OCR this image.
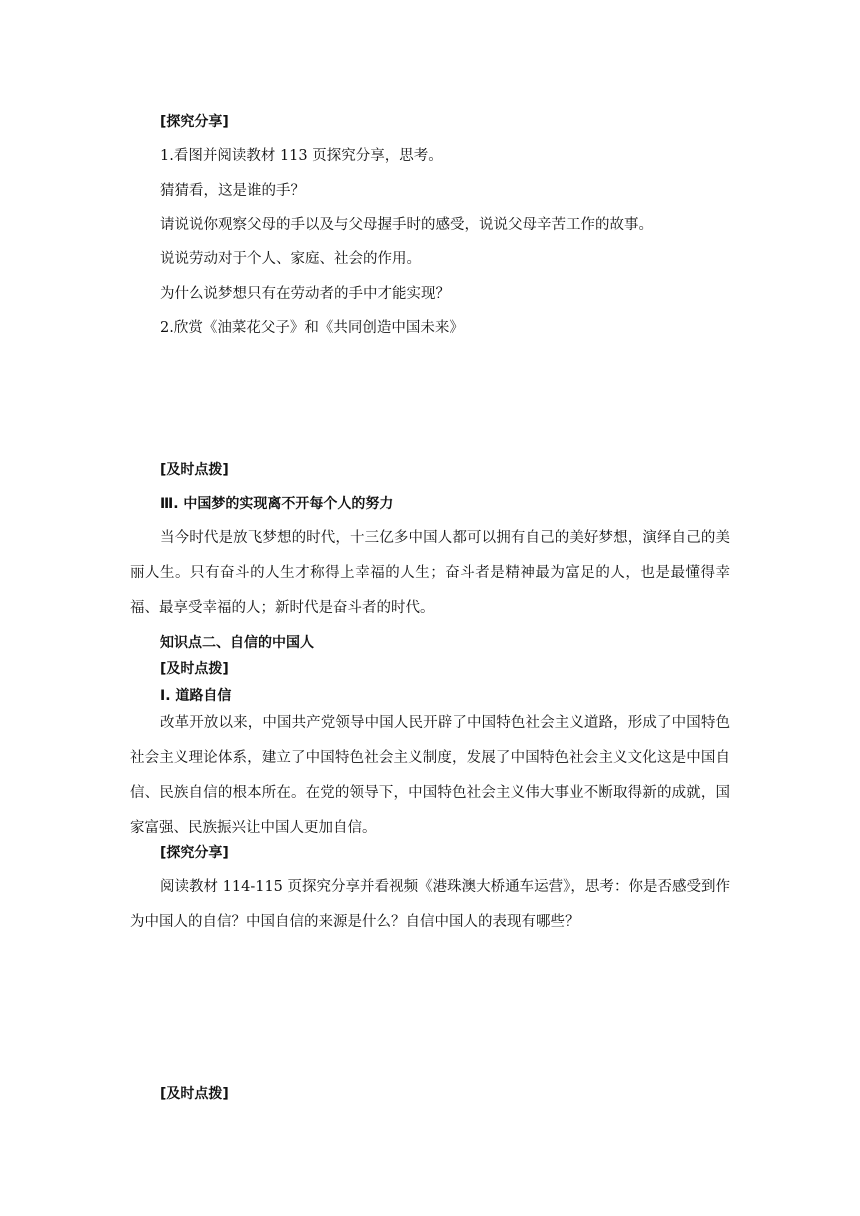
[探究分享]
1.看图并阅读教材 113 页探究分享，思考。
猜猜看，这是谁的手？
请说说你观察父母的手以及与父母握手时的感受，说说父母辛苦工作的故事。
说说劳动对于个人、家庭、社会的作用。
为什么说梦想只有在劳动者的手中才能实现？
2.欣赏《油菜花父子》和《共同创造中国未来》
[及时点拨]
Ⅲ. 中国梦的实现离不开每个人的努力
当今时代是放飞梦想的时代，十三亿多中国人都可以拥有自己的美好梦想，演绎自己的美丽人生。只有奋斗的人生才称得上幸福的人生；奋斗者是精神最为富足的人，也是最懂得幸福、最享受幸福的人；新时代是奋斗者的时代。
知识点二、自信的中国人
[及时点拨]
Ⅰ. 道路自信
改革开放以来，中国共产党领导中国人民开辟了中国特色社会主义道路，形成了中国特色社会主义理论体系，建立了中国特色社会主义制度，发展了中国特色社会主义文化这是中国自信、民族自信的根本所在。在党的领导下，中国特色社会主义伟大事业不断取得新的成就，国家富强、民族振兴让中国人更加自信。
[探究分享]
阅读教材 114-115 页探究分享并看视频《港珠澳大桥通车运营》，思考：你是否感受到作为中国人的自信？中国自信的来源是什么？自信中国人的表现有哪些？
[及时点拨]
